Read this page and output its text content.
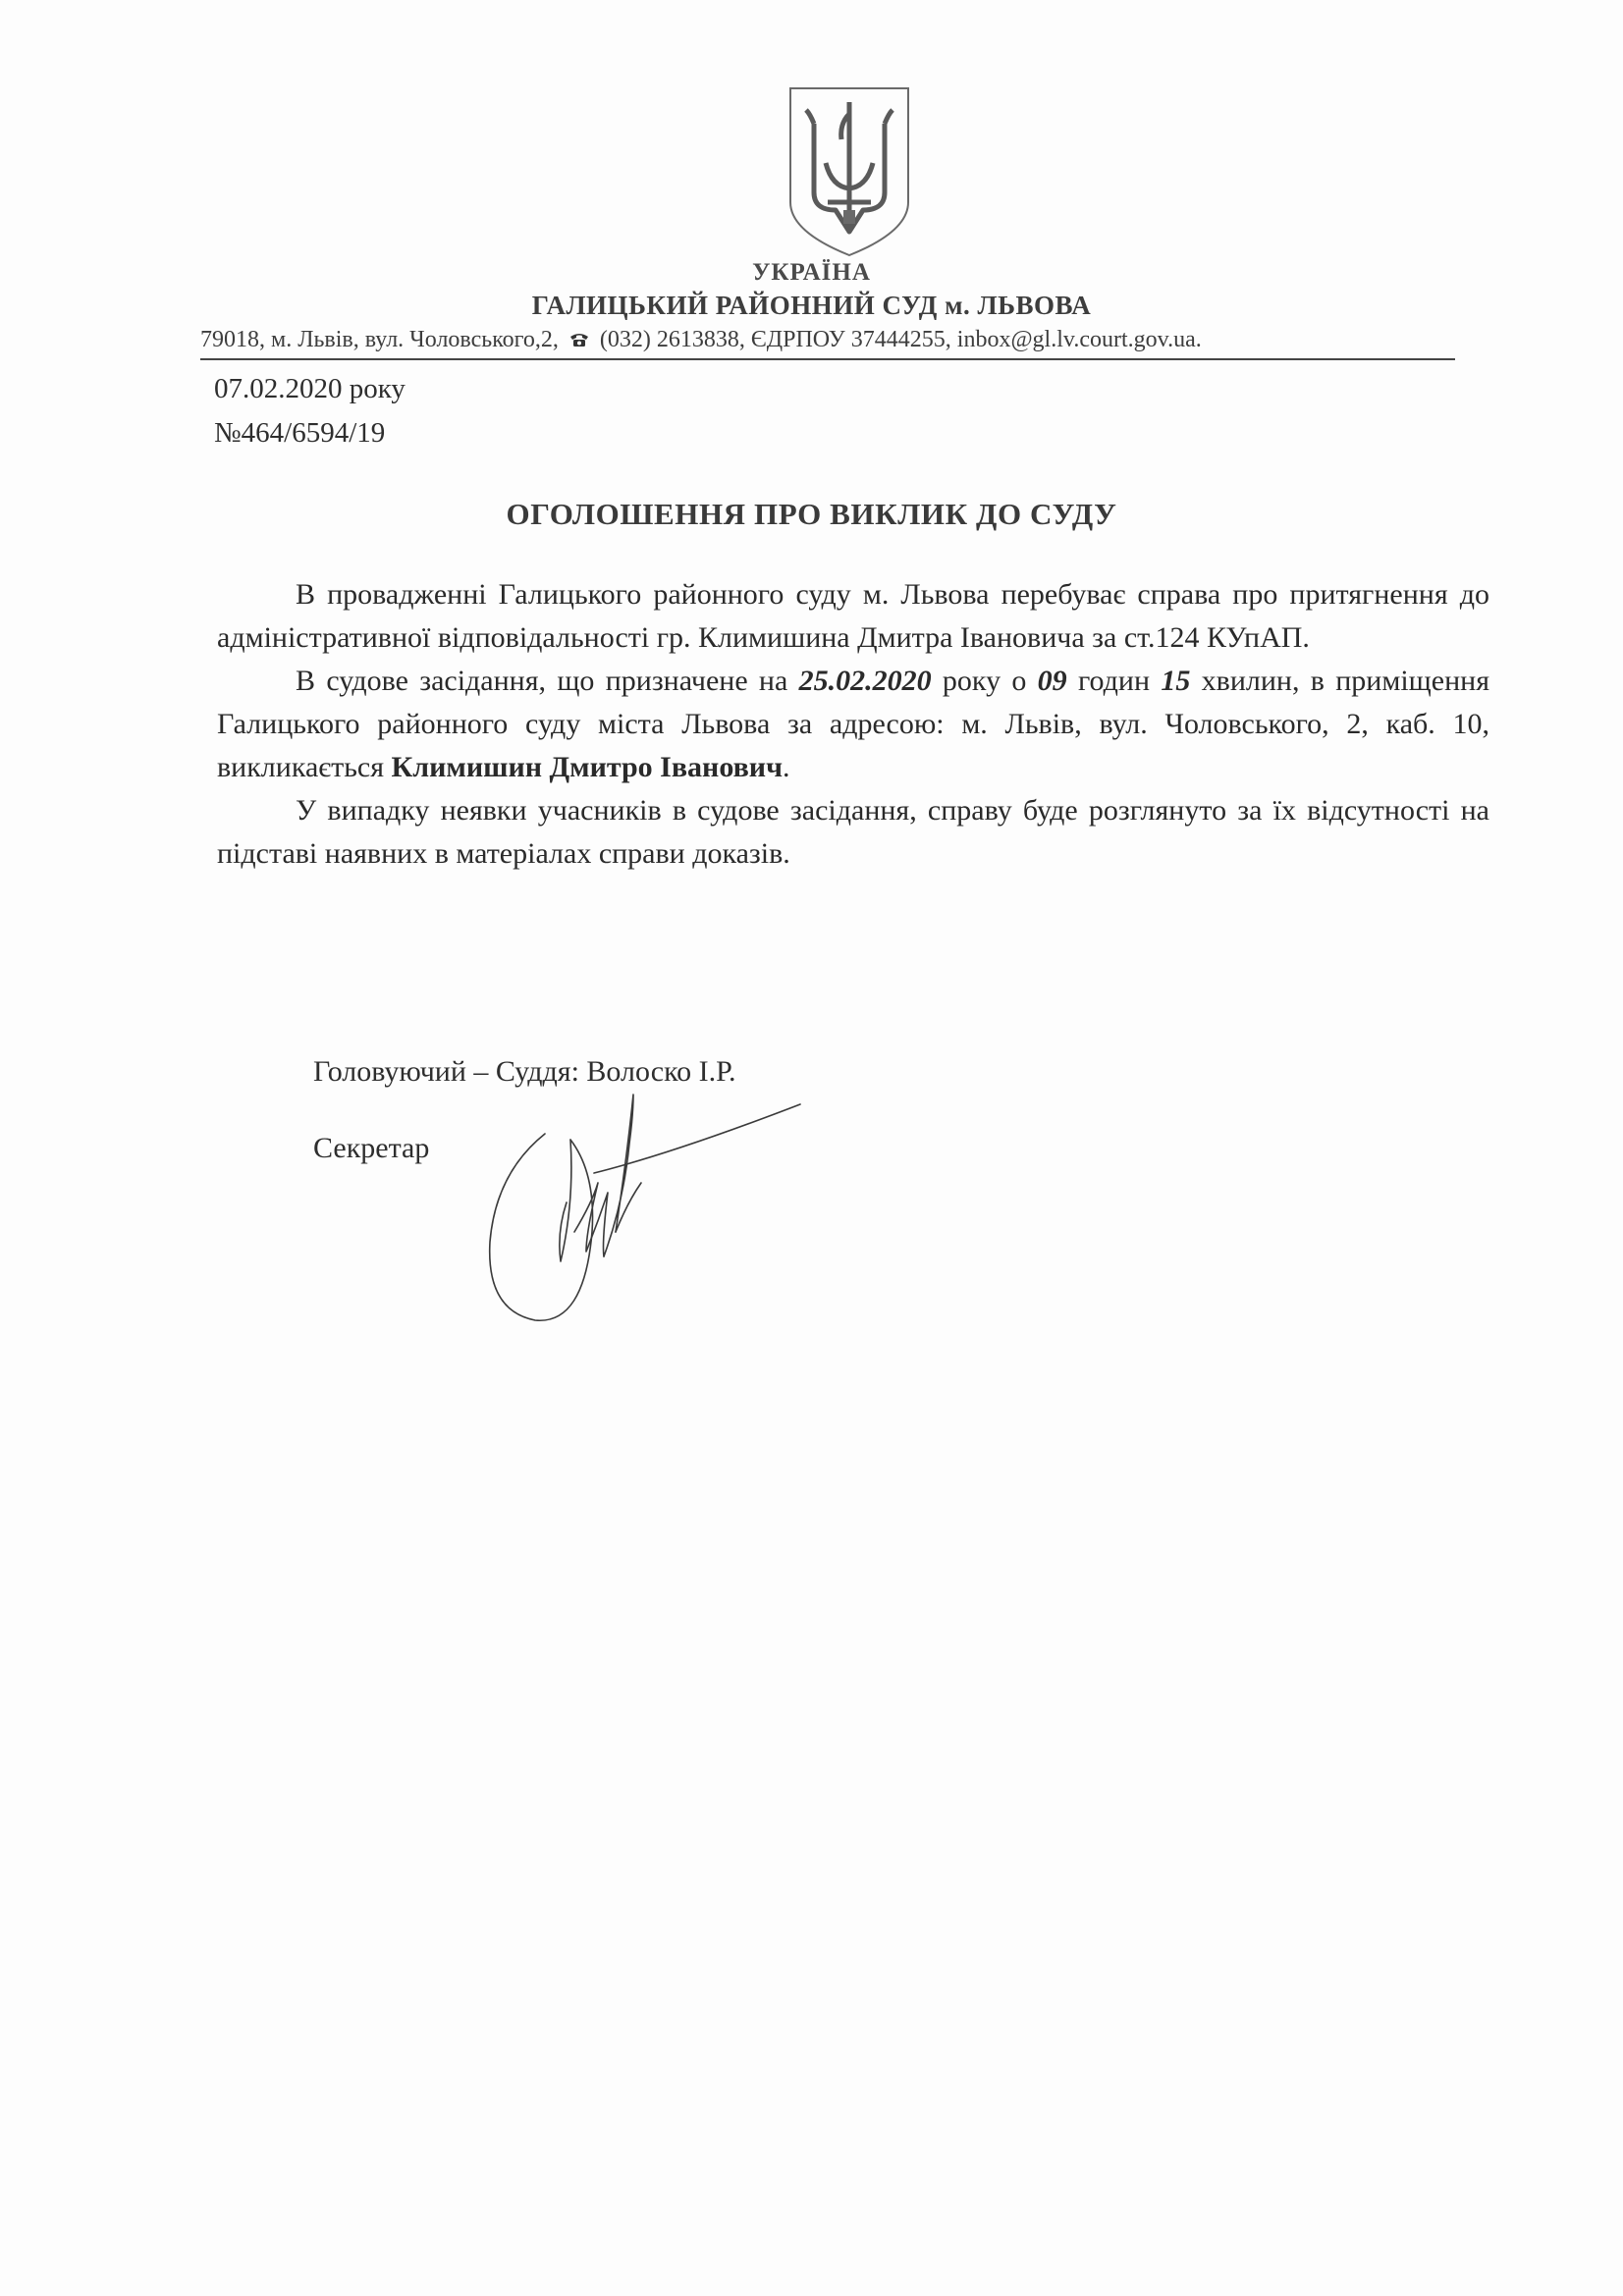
УКРАЇНА
ГАЛИЦЬКИЙ РАЙОННИЙ СУД м. ЛЬВОВА
79018, м. Львів, вул. Чоловського,2, (032) 2613838, ЄДРПОУ 37444255, inbox@gl.lv.court.gov.ua.
07.02.2020 року
№464/6594/19
ОГОЛОШЕННЯ ПРО ВИКЛИК ДО СУДУ

В провадженні Галицького районного суду м. Львова перебуває справа про притягнення до адміністративної відповідальності гр. Климишина Дмитра Івановича за ст.124 КУпАП.

В судове засідання, що призначене на 25.02.2020 року о 09 годин 15 хвилин, в приміщення Галицького районного суду міста Львова за адресою: м. Львів, вул. Чоловського, 2, каб. 10, викликається Климишин Дмитро Іванович.

У випадку неявки учасників в судове засідання, справу буде розглянуто за їх відсутності на підставі наявних в матеріалах справи доказів.

Головуючий – Суддя: Волоско І.Р.
Секретар
